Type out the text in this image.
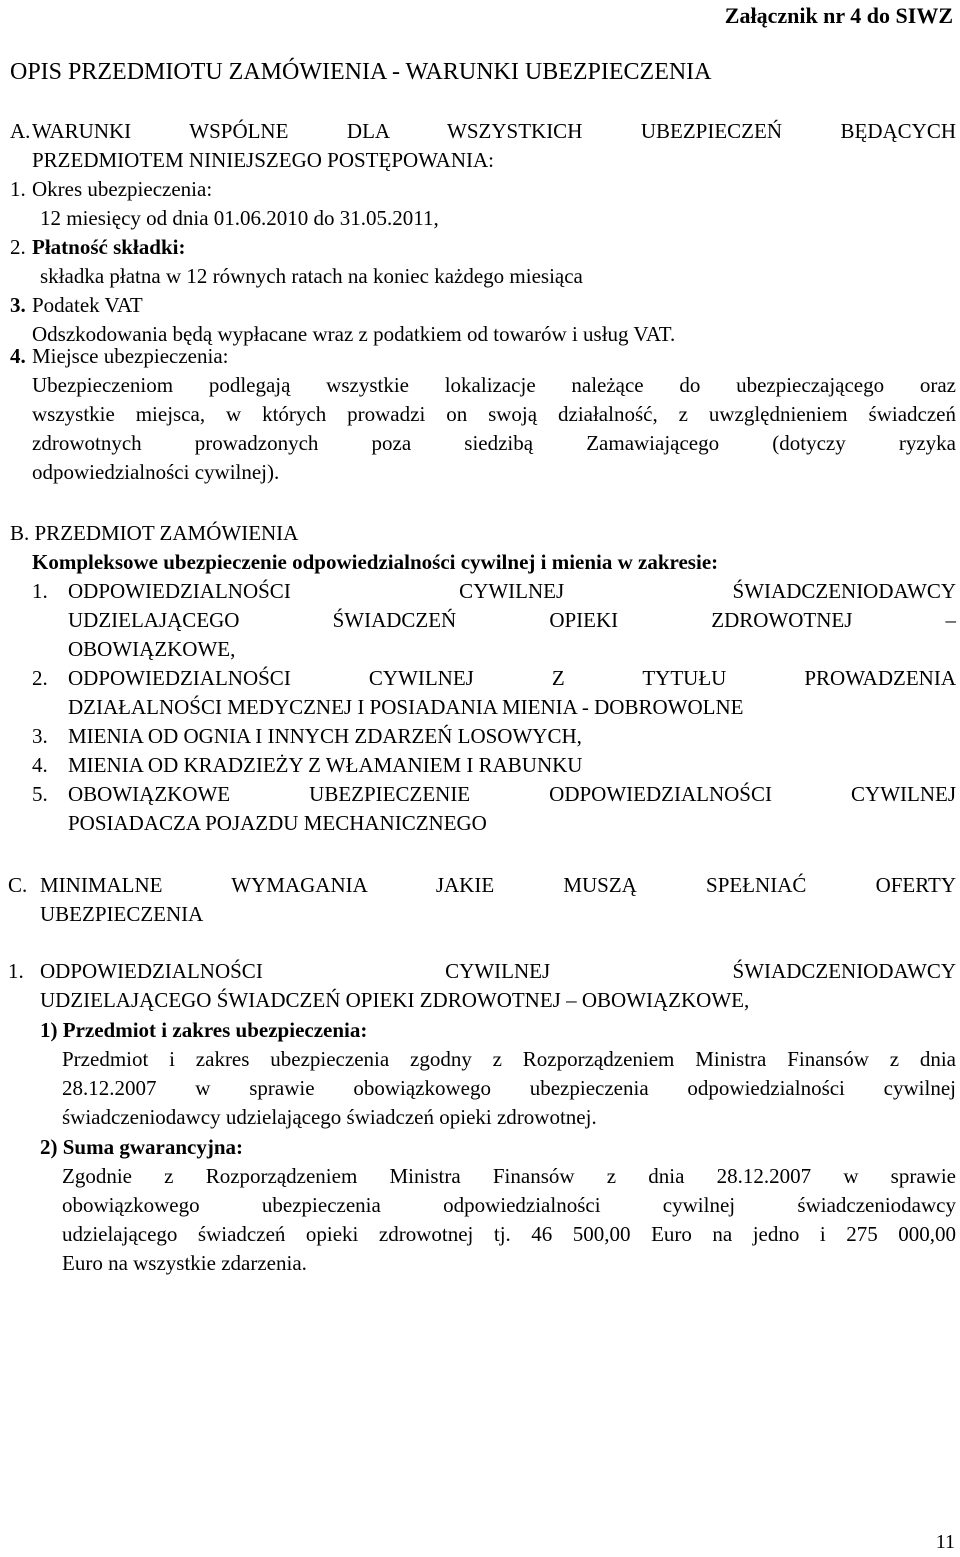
Załącznik nr 4 do SIWZ
OPIS PRZEDMIOTU ZAMÓWIENIA - WARUNKI UBEZPIECZENIA
A. WARUNKI WSPÓLNE DLA WSZYSTKICH UBEZPIECZEŃ BĘDĄCYCH
PRZEDMIOTEM NINIEJSZEGO POSTĘPOWANIA:
1. Okres ubezpieczenia:
12 miesięcy od dnia 01.06.2010 do 31.05.2011,
2. Płatność składki:
składka płatna w 12 równych ratach na koniec każdego miesiąca
3. Podatek VAT
Odszkodowania będą wypłacane wraz z podatkiem od towarów i usług VAT.
4. Miejsce ubezpieczenia:

Ubezpieczeniom podlegają wszystkie lokalizacje należące do ubezpieczającego oraz

wszystkie miejsca, w których prowadzi on swoją działalność, z uwzględnieniem świadczeń

zdrowotnych prowadzonych poza siedzibą Zamawiającego (dotyczy ryzyka

odpowiedzialności cywilnej).

B. PRZEDMIOT ZAMÓWIENIA
Kompleksowe ubezpieczenie odpowiedzialności cywilnej i mienia w zakresie:
1. ODPOWIEDZIALNOŚCI CYWILNEJ ŚWIADCZENIODAWCY

UDZIELAJĄCEGO ŚWIADCZEŃ OPIEKI ZDROWOTNEJ –

OBOWIĄZKOWE,

2. ODPOWIEDZIALNOŚCI CYWILNEJ Z TYTUŁU PROWADZENIA

DZIAŁALNOŚCI MEDYCZNEJ I POSIADANIA MIENIA - DOBROWOLNE

3. MIENIA OD OGNIA I INNYCH ZDARZEŃ LOSOWYCH,
4. MIENIA OD KRADZIEŻY Z WŁAMANIEM I RABUNKU
5. OBOWIĄZKOWE UBEZPIECZENIE ODPOWIEDZIALNOŚCI CYWILNEJ

POSIADACZA POJAZDU MECHANICZNEGO

C. MINIMALNE WYMAGANIA JAKIE MUSZĄ SPEŁNIAĆ OFERTY
UBEZPIECZENIA
1. ODPOWIEDZIALNOŚCI CYWILNEJ ŚWIADCZENIODAWCY
UDZIELAJĄCEGO ŚWIADCZEŃ OPIEKI ZDROWOTNEJ – OBOWIĄZKOWE,
1) Przedmiot i zakres ubezpieczenia:

Przedmiot i zakres ubezpieczenia zgodny z Rozporządzeniem Ministra Finansów z dnia

28.12.2007 w sprawie obowiązkowego ubezpieczenia odpowiedzialności cywilnej

świadczeniodawcy udzielającego świadczeń opieki zdrowotnej.

2) Suma gwarancyjna:

Zgodnie z Rozporządzeniem Ministra Finansów z dnia 28.12.2007 w sprawie

obowiązkowego ubezpieczenia odpowiedzialności cywilnej świadczeniodawcy

udzielającego świadczeń opieki zdrowotnej tj. 46 500,00 Euro na jedno i 275 000,00

Euro na wszystkie zdarzenia.

11
